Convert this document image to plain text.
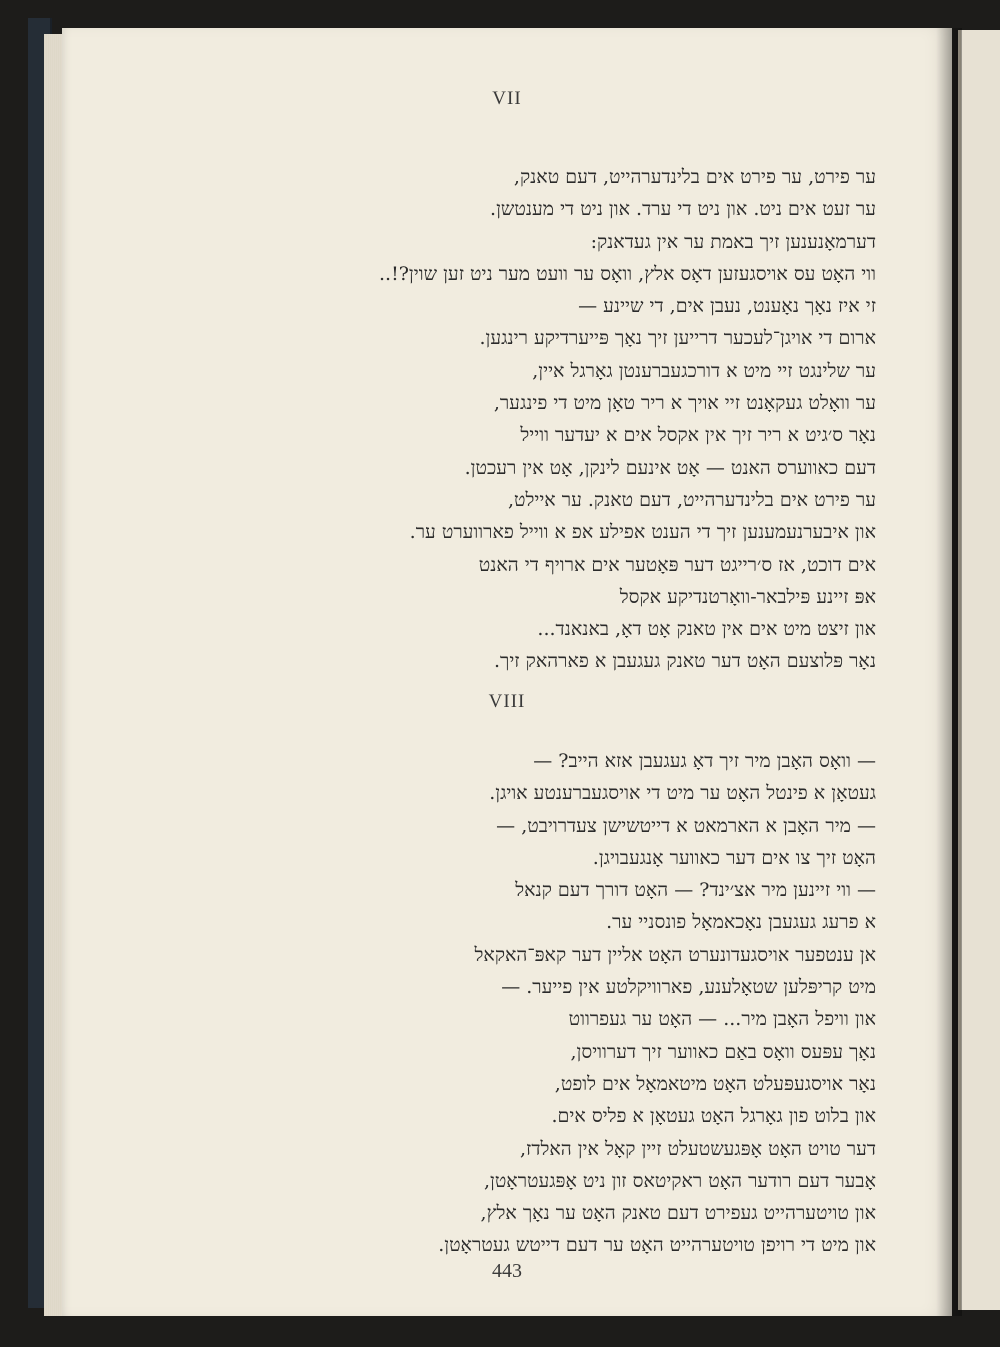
VII
ער פירט, ער פירט אים בלינדערהייט, דעם טאנק,
ער זעט אים ניט. און ניט די ערד. און ניט די מענטשן.
דערמאָנענען זיך באמת ער אין געדאנק:
ווי האָט עס אויסגעזען דאָס אלץ, וואָס ער וועט מער ניט זען שוין?!..
זי איז נאָך נאָענט, נעבן אים, די שיינע —
ארום די אויגן־לעכער דרייען זיך נאָך פּייערדיקע רינגען.
ער שלינגט זיי מיט א דורכגעברענטן גאָרגל איין,
ער וואָלט געקאָנט זיי אויך א ריר טאָן מיט די פינגער,
נאָר ס׳גיט א ריר זיך אין אקסל אים א יעדער ווייל
דעם כאווערס האנט — אָט אינעם לינקן, אָט אין רעכטן.
ער פירט אים בלינדערהייט, דעם טאנק. ער איילט,
און איבערנעמענען זיך די הענט אפילע אפ א ווייל פארווערט ער.
אים דוכט, אז ס׳רייגט דער פּאָטער אים ארויף די האנט
אפּ זיינע פּילבאר-וואָרטנדיקע אקסל
און זיצט מיט אים אין טאנק אָט דאָ, באנאנד...
נאָר פּלוצעם האָט דער טאנק געגעבן א פארהאק זיך.
VIII
— וואָס האָבן מיר זיך דאָ געגעבן אזא הייב? —
געטאָן א פינטל האָט ער מיט די אויסגעברענטע אויגן.
— מיר האָבן א הארמאט א דייטשישן צעדרויבט, —
האָט זיך צו אים דער כאווער אָנגעבויגן.
— ווי זיינען מיר אצ׳ינד? — האָט דורך דעם קנאל
א פרעג געגעבן נאָכאמאָל פונסניי ער.
אן ענטפער אויסגעדונערט האָט אליין דער קאפּ־האקאל
מיט קריפּלען שטאָלענע, פארוויקלטע אין פייער. —
און וויפל האָבן מיר... — האָט ער געפרווט
נאָך עפּעס וואָס באַם כאווער זיך דערוויסן,
נאָר אויסגעפּעלט האָט מיטאמאָל אים לופט,
און בלוט פון גאָרגל האָט געטאָן א פליס אים.
דער טויט האָט אָפּגעשטעלט זיין קאָל אין האלדז,
אָבער דעם רודער האָט ראקיטאס זון ניט אָפּגעטראָטן,
און טויטערהייט געפירט דעם טאנק האָט ער נאָך אלץ,
און מיט די רויפן טויטערהייט האָט ער דעם דייטש געטראָטן.
443
